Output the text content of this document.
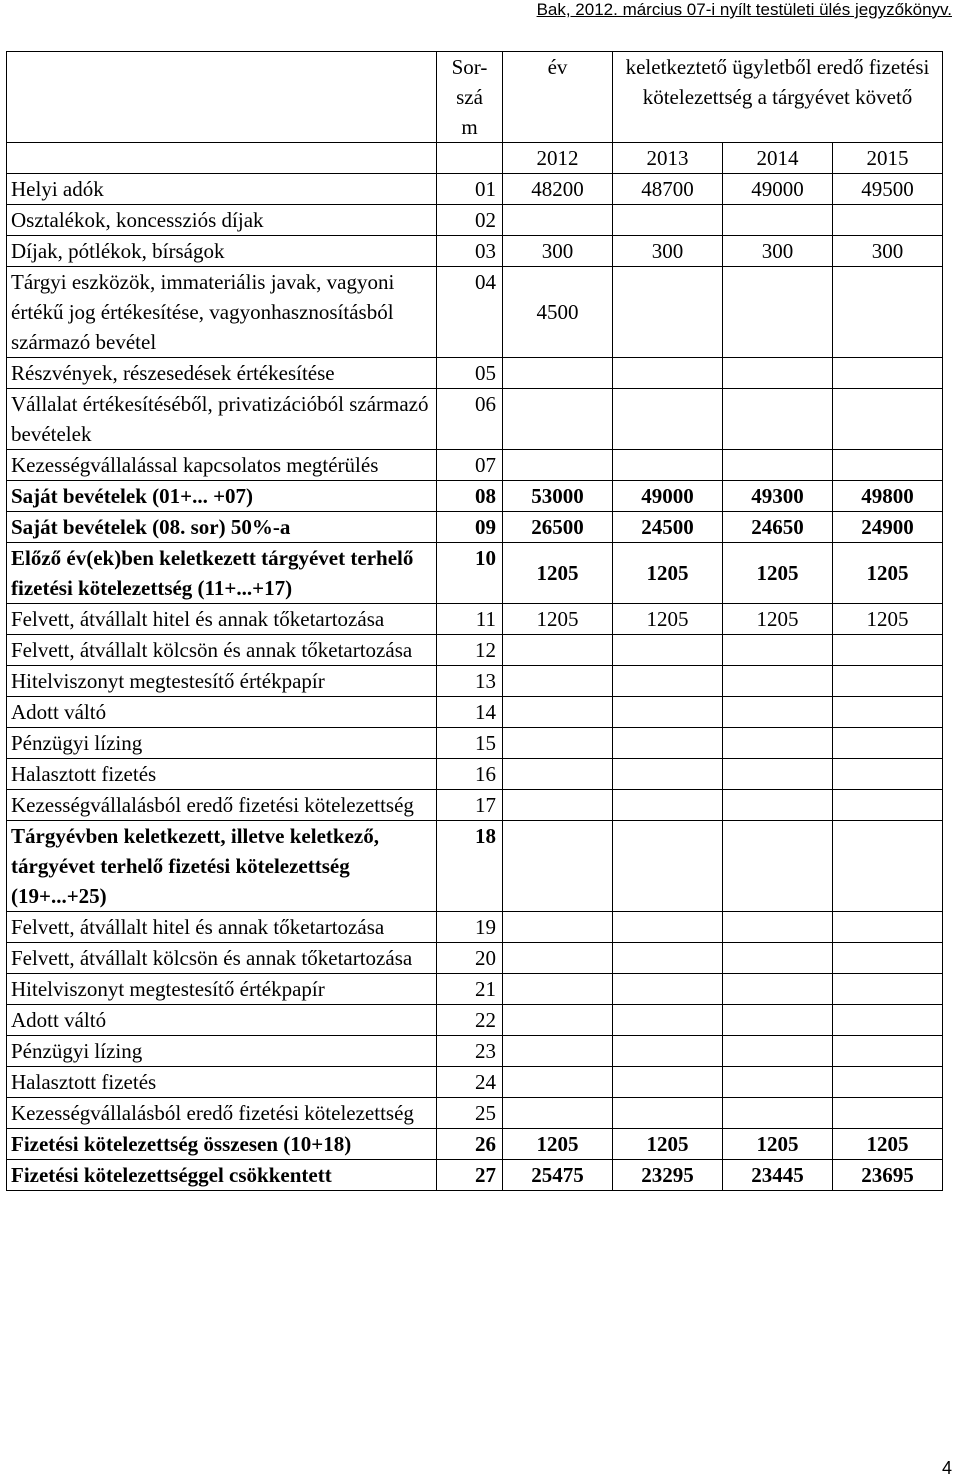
Bak, 2012. március 07-i nyílt testületi ülés jegyzőkönyv.
	Sor-
szá
m	év	keletkeztető ügyletből eredő fizetési kötelezettség a tárgyévet követő		
		2012	2013	2014	2015
Helyi adók	01	48200	48700	49000	49500
Osztalékok, koncessziós díjak	02				
Díjak, pótlékok, bírságok	03	300	300	300	300
Tárgyi eszközök, immateriális javak, vagyoni értékű jog értékesítése, vagyonhasznosításból származó bevétel	04	4500			
Részvények, részesedések értékesítése	05				
Vállalat értékesítéséből, privatizációból származó bevételek	06				
Kezességvállalással kapcsolatos megtérülés	07				
Saját bevételek (01+... +07)	08	53000	49000	49300	49800
Saját bevételek (08. sor) 50%-a	09	26500	24500	24650	24900
Előző év(ek)ben keletkezett tárgyévet terhelő fizetési kötelezettség (11+...+17)	10	1205	1205	1205	1205
Felvett, átvállalt hitel és annak tőketartozása	11	1205	1205	1205	1205
Felvett, átvállalt kölcsön és annak tőketartozása	12				
Hitelviszonyt megtestesítő értékpapír	13				
Adott váltó	14				
Pénzügyi lízing	15				
Halasztott fizetés	16				
Kezességvállalásból eredő fizetési kötelezettség	17				
Tárgyévben keletkezett, illetve keletkező, tárgyévet terhelő fizetési kötelezettség (19+...+25)	18				
Felvett, átvállalt hitel és annak tőketartozása	19				
Felvett, átvállalt kölcsön és annak tőketartozása	20				
Hitelviszonyt megtestesítő értékpapír	21				
Adott váltó	22				
Pénzügyi lízing	23				
Halasztott fizetés	24				
Kezességvállalásból eredő fizetési kötelezettség	25				
Fizetési kötelezettség összesen (10+18)	26	1205	1205	1205	1205
Fizetési kötelezettséggel csökkentett	27	25475	23295	23445	23695
4
